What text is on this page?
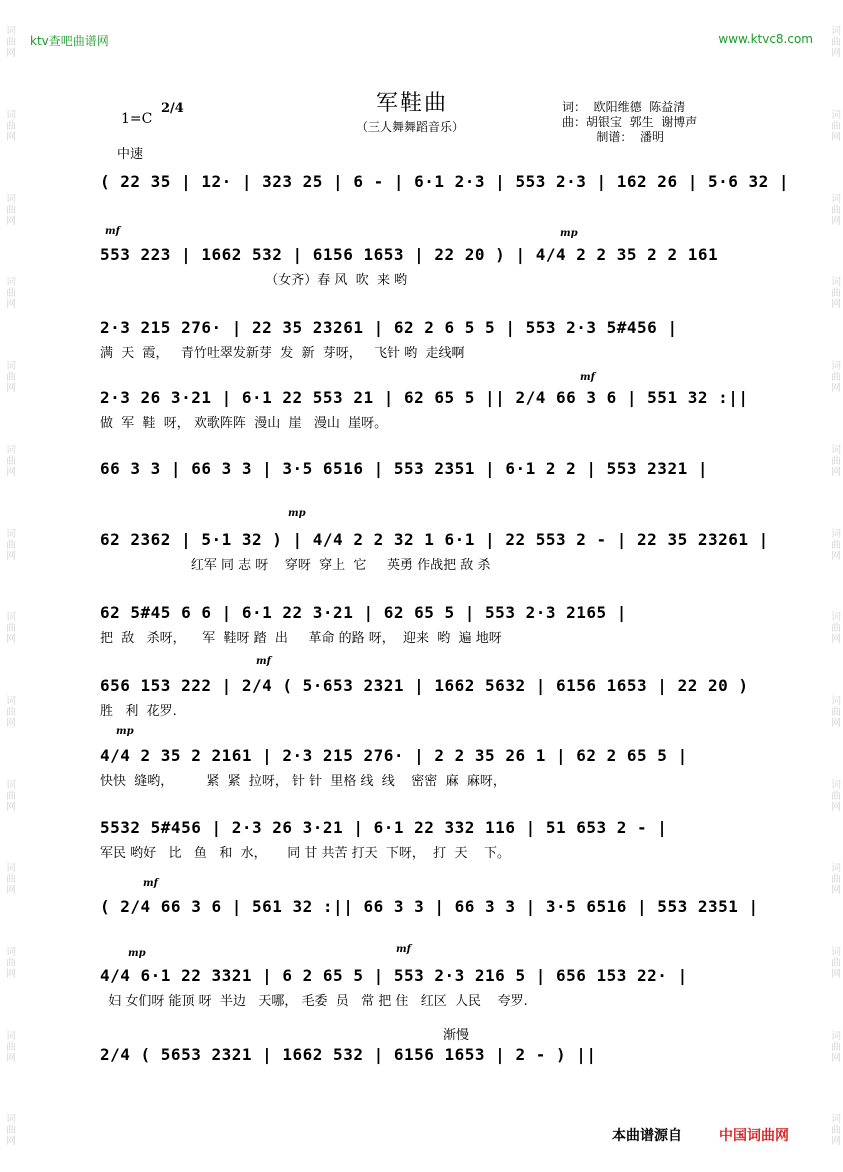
词曲网
词曲网
词曲网
词曲网
词曲网
词曲网
词曲网
词曲网
词曲网
词曲网
词曲网
词曲网
词曲网
词曲网
词曲网
词曲网
词曲网
词曲网
词曲网
词曲网
词曲网
词曲网
词曲网
词曲网
词曲网
词曲网
词曲网
词曲网
ktv查吧曲谱网	www.ktvc8.com
军鞋曲
（三人舞舞蹈音乐）
1=C
2/4	词：  欧阳维德  陈益清
曲：胡银宝  郭生  谢博声
制谱：  潘明
中速
( 22 35 | 12· | 323 25 | 6 - | 6·1 2·3 | 553 2·3 | 162 26 | 5·6 32 |
mf	mp
553 223 | 1662 532 | 6156 1653 | 22 20 ) | 4/4 2 2 35 2 2 161
（女齐）春 风  吹  来 哟
2·3 215 276· | 22 35 23261 | 62 2 6 5 5 | 553 2·3 5#456 |
满  天  霞，   青竹吐翠发新芽  发  新  芽呀，   飞针 哟  走线啊
mf
2·3 26 3·21 | 6·1 22 553 21 | 62 65 5 || 2/4 66 3 6 | 551 32 :||
做  军  鞋  呀， 欢歌阵阵  漫山  崖   漫山  崖呀。
66 3 3 | 66 3 3 | 3·5 6516 | 553 2351 | 6·1 2 2 | 553 2321 |
mp
62 2362 | 5·1 32 ) | 4/4 2 2 32 1 6·1 | 22 553 2 - | 22 35 23261 |
红军 同 志 呀    穿呀  穿上  它     英勇 作战把 敌 杀
62 5#45 6 6 | 6·1 22 3·21 | 62 65 5 | 553 2·3 2165 |
把  敌   杀呀，    军  鞋呀 踏  出     革命 的路 呀，  迎来  哟  遍 地呀
mf
656 153 222 | 2/4 ( 5·653 2321 | 1662 5632 | 6156 1653 | 22 20 )
胜   利  花罗.
mp
4/4 2 35 2 2161 | 2·3 215 276· | 2 2 35 26 1 | 62 2 65 5 |
快快  缝哟，        紧  紧  拉呀， 针 针  里格 线  线    密密  麻  麻呀，
5532 5#456 | 2·3 26 3·21 | 6·1 22 332 116 | 51 653 2 - |
军民 哟好   比   鱼   和  水，     同 甘 共苦 打天  下呀，  打  天    下。
mf
( 2/4 66 3 6 | 561 32 :|| 66 3 3 | 66 3 3 | 3·5 6516 | 553 2351 |
mp	mf
4/4 6·1 22 3321 | 6 2 65 5 | 553 2·3 216 5 | 656 153 22· |
妇 女们呀 能顶 呀  半边   天哪， 毛委  员   常 把 住   红区  人民    夸罗.
渐慢
2/4 ( 5653 2321 | 1662 532 | 6156 1653 | 2 - ) ||
本曲谱源自	中国词曲网
